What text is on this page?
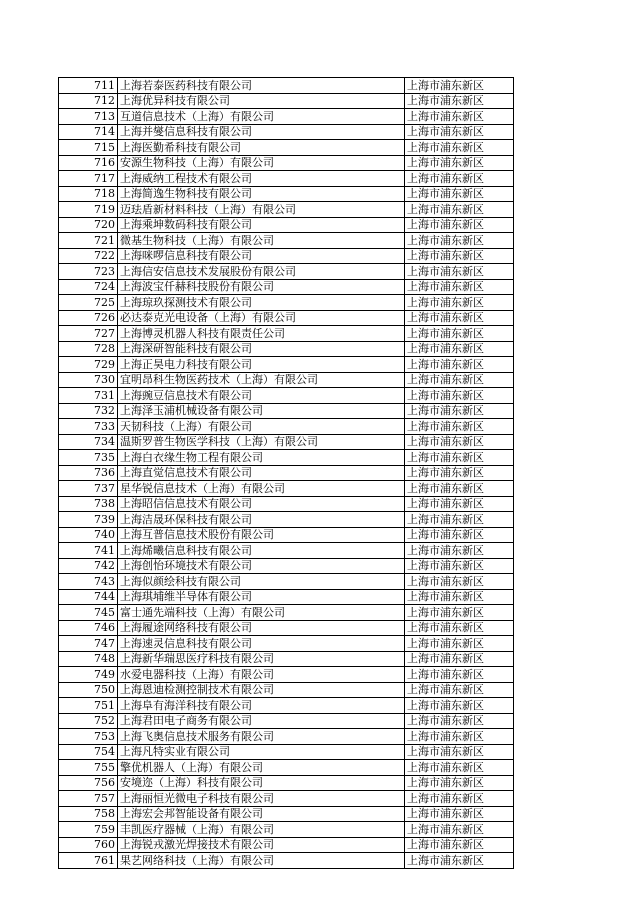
711	上海若泰医药科技有限公司	上海市浦东新区
712	上海优异科技有限公司	上海市浦东新区
713	互道信息技术（上海）有限公司	上海市浦东新区
714	上海并燮信息科技有限公司	上海市浦东新区
715	上海医勤希科技有限公司	上海市浦东新区
716	安源生物科技（上海）有限公司	上海市浦东新区
717	上海威纳工程技术有限公司	上海市浦东新区
718	上海简逸生物科技有限公司	上海市浦东新区
719	迈珐盾新材料科技（上海）有限公司	上海市浦东新区
720	上海乘坤数码科技有限公司	上海市浦东新区
721	微基生物科技（上海）有限公司	上海市浦东新区
722	上海咪啰信息科技有限公司	上海市浦东新区
723	上海信安信息技术发展股份有限公司	上海市浦东新区
724	上海波宝仟赫科技股份有限公司	上海市浦东新区
725	上海琼玖探测技术有限公司	上海市浦东新区
726	必达泰克光电设备（上海）有限公司	上海市浦东新区
727	上海博灵机器人科技有限责任公司	上海市浦东新区
728	上海深研智能科技有限公司	上海市浦东新区
729	上海正昊电力科技有限公司	上海市浦东新区
730	宜明昂科生物医药技术（上海）有限公司	上海市浦东新区
731	上海豌豆信息技术有限公司	上海市浦东新区
732	上海泽玉浦机械设备有限公司	上海市浦东新区
733	天韧科技（上海）有限公司	上海市浦东新区
734	温斯罗普生物医学科技（上海）有限公司	上海市浦东新区
735	上海白衣缘生物工程有限公司	上海市浦东新区
736	上海直觉信息技术有限公司	上海市浦东新区
737	星华锐信息技术（上海）有限公司	上海市浦东新区
738	上海昭信信息技术有限公司	上海市浦东新区
739	上海洁晟环保科技有限公司	上海市浦东新区
740	上海互普信息技术股份有限公司	上海市浦东新区
741	上海烯曦信息科技有限公司	上海市浦东新区
742	上海创怡环境技术有限公司	上海市浦东新区
743	上海似颜绘科技有限公司	上海市浦东新区
744	上海琪埔维半导体有限公司	上海市浦东新区
745	富士通先端科技（上海）有限公司	上海市浦东新区
746	上海履途网络科技有限公司	上海市浦东新区
747	上海速灵信息科技有限公司	上海市浦东新区
748	上海新华瑞思医疗科技有限公司	上海市浦东新区
749	水爱电器科技（上海）有限公司	上海市浦东新区
750	上海恩迪检测控制技术有限公司	上海市浦东新区
751	上海阜有海洋科技有限公司	上海市浦东新区
752	上海君田电子商务有限公司	上海市浦东新区
753	上海飞奥信息技术服务有限公司	上海市浦东新区
754	上海凡特实业有限公司	上海市浦东新区
755	擎优机器人（上海）有限公司	上海市浦东新区
756	安境迩（上海）科技有限公司	上海市浦东新区
757	上海丽恒光微电子科技有限公司	上海市浦东新区
758	上海宏会邦智能设备有限公司	上海市浦东新区
759	丰凯医疗器械（上海）有限公司	上海市浦东新区
760	上海锐戎激光焊接技术有限公司	上海市浦东新区
761	果艺网络科技（上海）有限公司	上海市浦东新区
